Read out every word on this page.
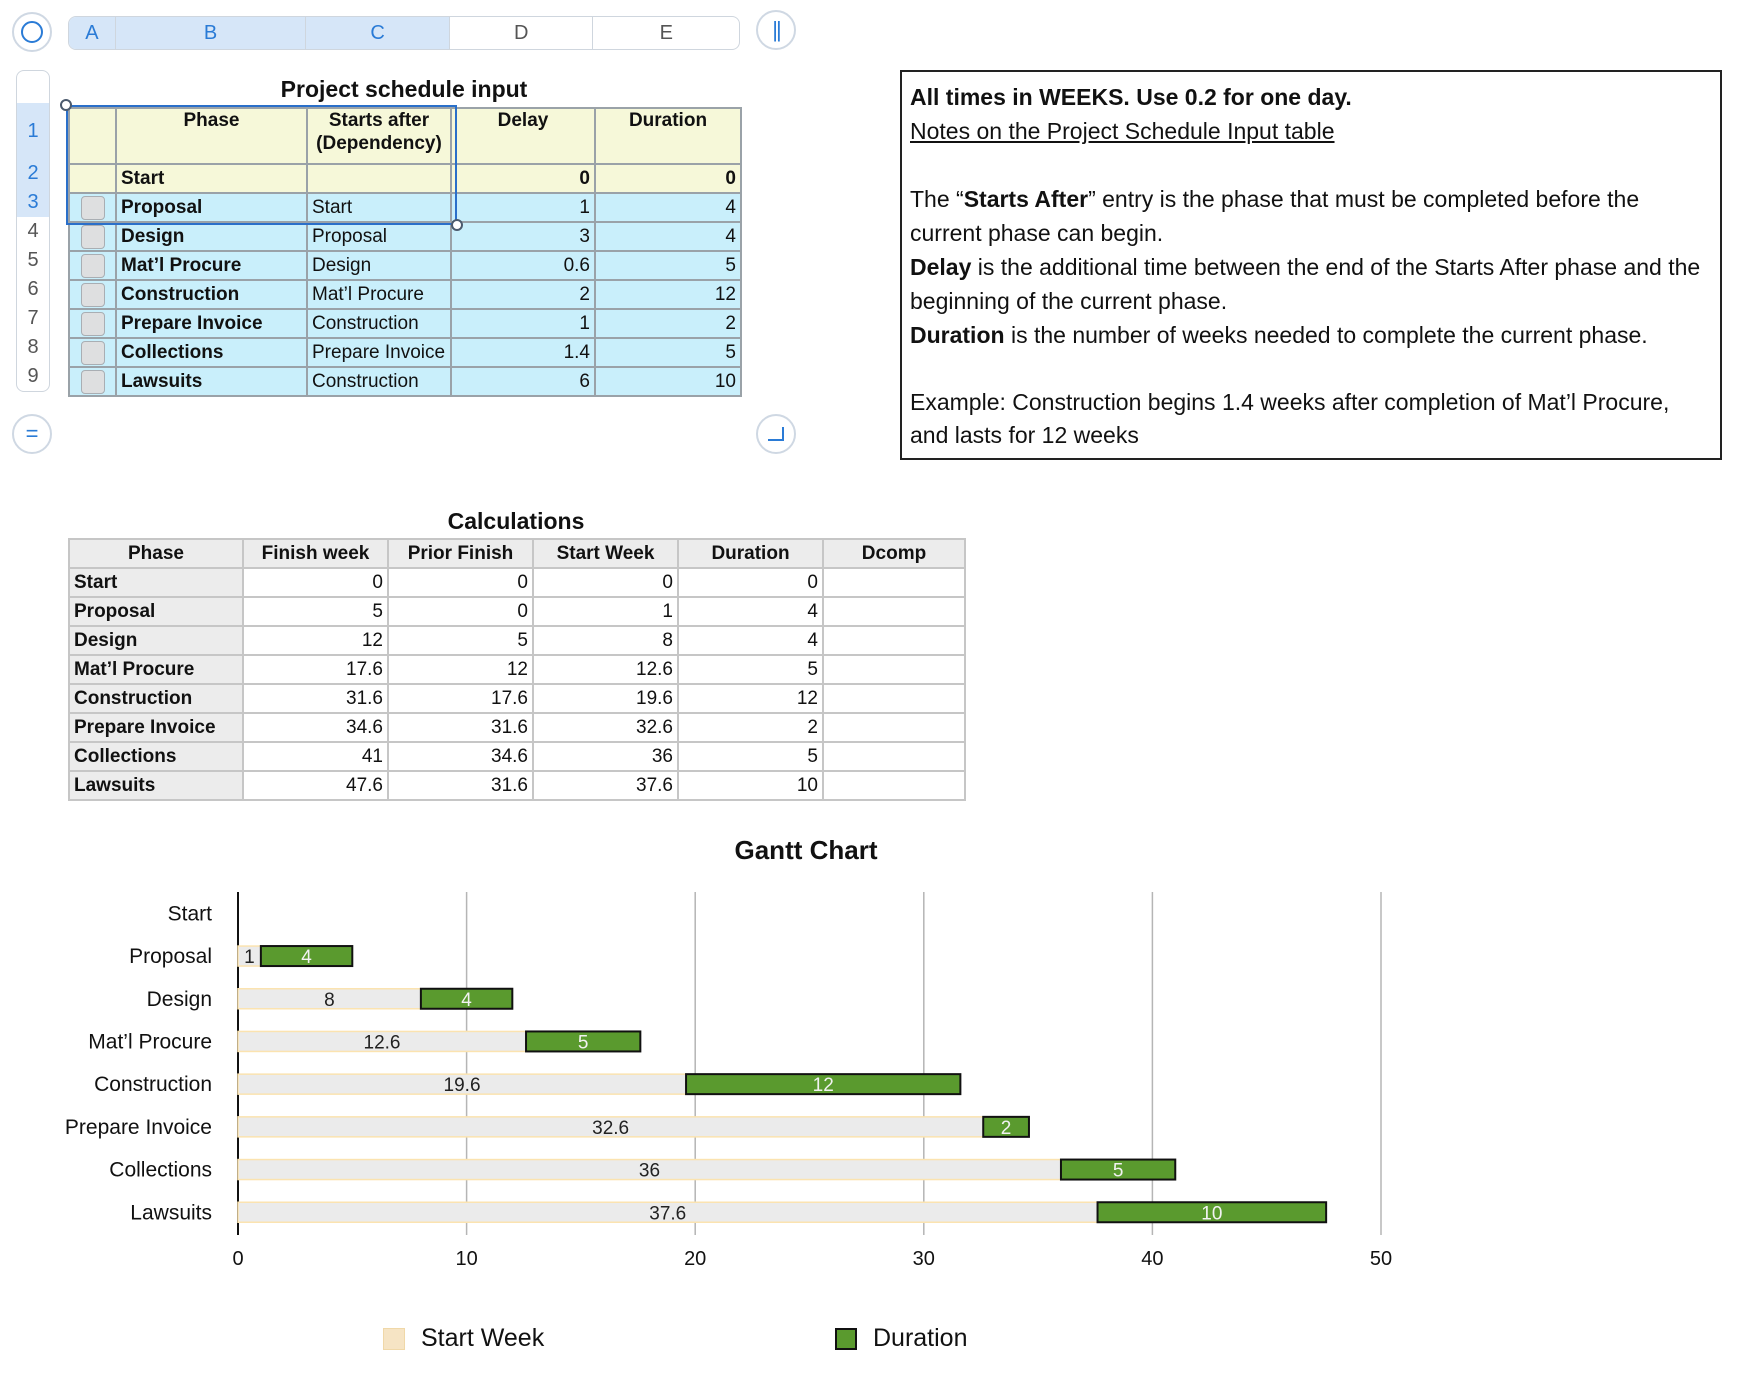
A	B	C	D	E	||
1
2
3
4
5
6
7
8
9
=
Project schedule input
	Phase	Starts after (Dependency)	Delay	Duration
	Start		0	0
	Proposal	Start	1	4
	Design	Proposal	3	4
	Mat’l Procure	Design	0.6	5
	Construction	Mat’l Procure	2	12
	Prepare Invoice	Construction	1	2
	Collections	Prepare Invoice	1.4	5
	Lawsuits	Construction	6	10

All times in WEEKS. Use 0.2 for one day.

Notes on the Project Schedule Input table

The “Starts After” entry is the phase that must be completed before the current phase can begin.

Delay is the additional time between the end of the Starts After phase and the beginning of the current phase.

Duration is the number of weeks needed to complete the current phase.

Example: Construction begins 1.4 weeks after completion of Mat’l Procure, and lasts for 12 weeks

Calculations
Phase	Finish week	Prior Finish	Start Week	Duration	Dcomp
Start	0	0	0	0	
Proposal	5	0	1	4	
Design	12	5	8	4	
Mat’l Procure	17.6	12	12.6	5	
Construction	31.6	17.6	19.6	12	
Prepare Invoice	34.6	31.6	32.6	2	
Collections	41	34.6	36	5	
Lawsuits	47.6	31.6	37.6	10	
Gantt Chart
0	10	20	30	40	50
Start
Proposal 1 4
Design	8	4
Mat’l Procure	12.6	5
Construction	19.6	12
Prepare Invoice	32.6	2
Collections	36	5
Lawsuits	37.6	10
Start Week	Duration
